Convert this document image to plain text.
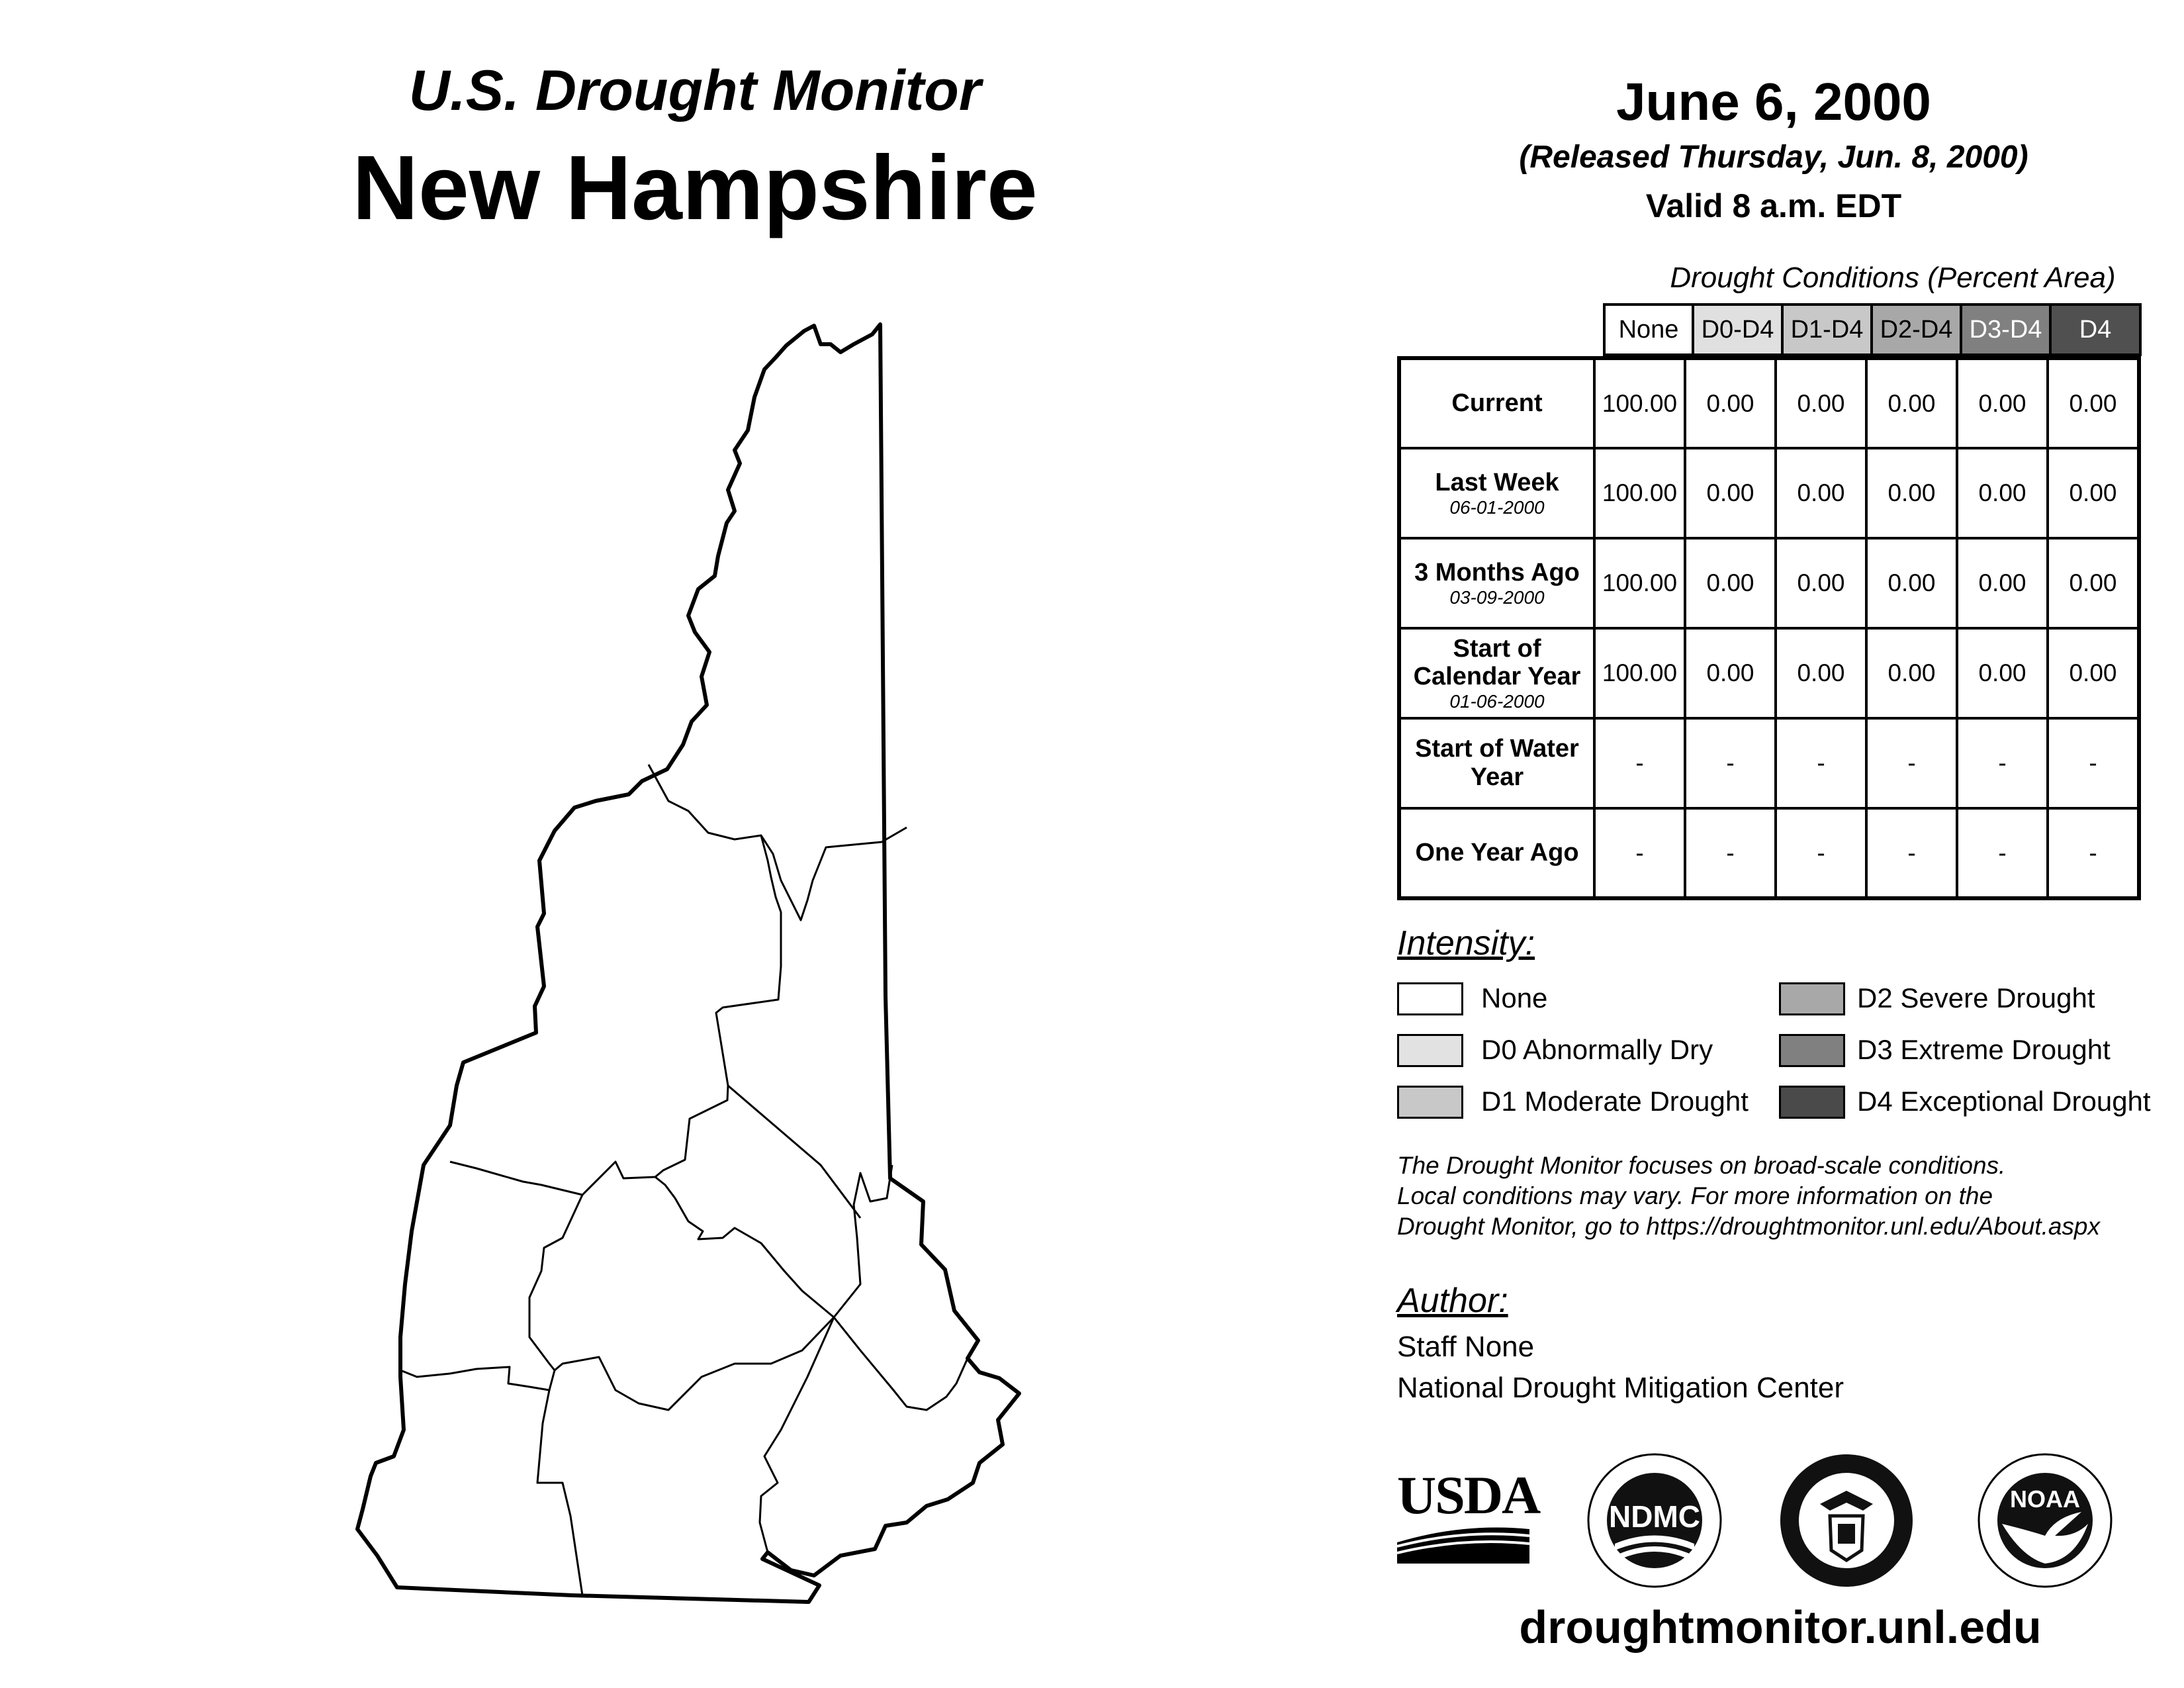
U.S. Drought Monitor
New Hampshire
June 6, 2000
(Released Thursday, Jun. 8, 2000)
Valid 8 a.m. EDT
Drought Conditions (Percent Area)
None D0-D4 D1-D4 D2-D4 D3-D4	D4
Current	100.00	0.00	0.00	0.00	0.00	0.00
Last Week
06-01-2000	100.00	0.00	0.00	0.00	0.00	0.00
3 Months Ago
03-09-2000	100.00	0.00	0.00	0.00	0.00	0.00
Start of Calendar Year
01-06-2000	100.00	0.00	0.00	0.00	0.00	0.00
Start of Water Year	-	-	-	-	-	-
One Year Ago	-	-	-	-	-	-
Intensity:
None
D0 Abnormally Dry
D1 Moderate Drought
D2 Severe Drought
D3 Extreme Drought
D4 Exceptional Drought
The Drought Monitor focuses on broad-scale conditions.
Local conditions may vary. For more information on the
Drought Monitor, go to https://droughtmonitor.unl.edu/About.aspx
Author:
Staff None
National Drought Mitigation Center
USDA	NDMC
NOAA
droughtmonitor.unl.edu
